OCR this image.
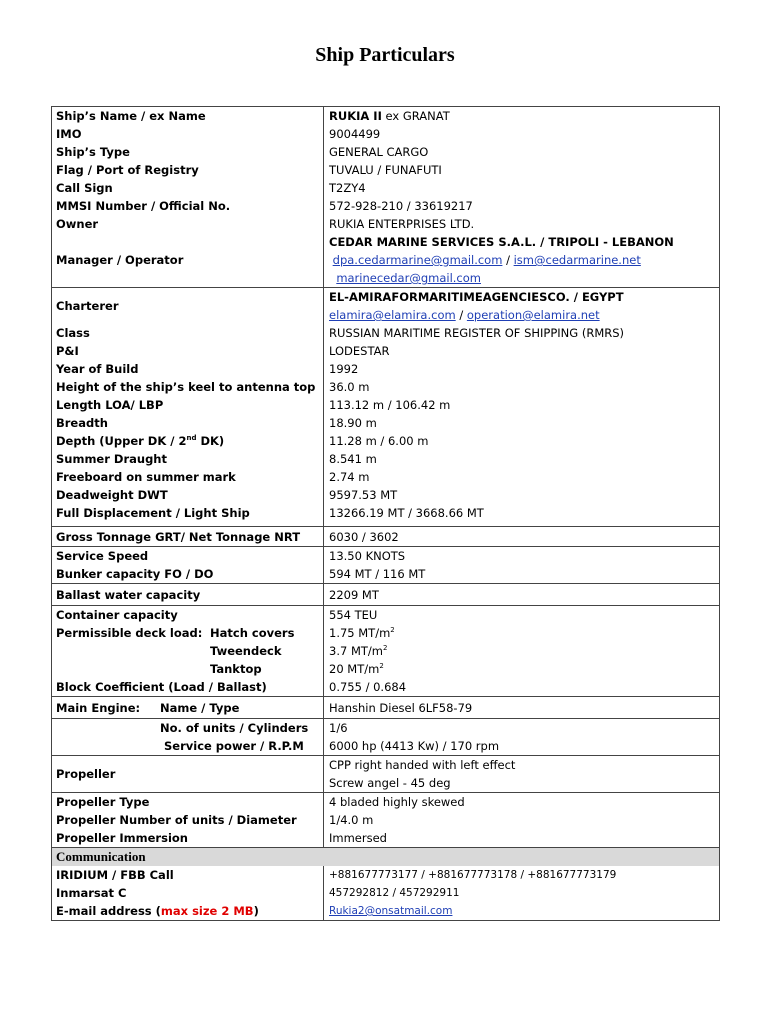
Ship Particulars
Ship’s Name / ex Name	RUKIA II ex GRANAT
IMO	9004499
Ship’s Type	GENERAL CARGO
Flag / Port of Registry	TUVALU / FUNAFUTI
Call Sign	T2ZY4
MMSI Number / Official No.	572-928-210 / 33619217
Owner	RUKIA ENTERPRISES LTD.
Manager / Operator	CEDAR MARINE SERVICES S.A.L. / TRIPOLI - LEBANON
	dpa.cedarmarine@gmail.com / ism@cedarmarine.net
	marinecedar@gmail.com
Charterer	EL-AMIRAFORMARITIMEAGENCIESCO. / EGYPT
	elamira@elamira.com / operation@elamira.net
Class	RUSSIAN MARITIME REGISTER OF SHIPPING (RMRS)
P&I	LODESTAR
Year of Build	1992
Height of the ship’s keel to antenna top	36.0 m
Length LOA/ LBP	113.12 m / 106.42 m
Breadth	18.90 m
Depth (Upper DK / 2nd DK)	11.28 m / 6.00 m
Summer Draught	8.541 m
Freeboard on summer mark	2.74 m
Deadweight DWT	9597.53 MT
Full Displacement / Light Ship	13266.19 MT / 3668.66 MT

Gross Tonnage GRT/ Net Tonnage NRT	6030 / 3602
Service Speed	13.50 KNOTS
Bunker capacity FO / DO	594 MT / 116 MT
Ballast water capacity	2209 MT
Container capacity	554 TEU
Permissible deck load: Hatch covers	1.75 $MT/m^2$
Tweendeck	3.7 $MT/m^2$
Tanktop	20 $MT/m^2$
Block Coefficient (Load / Ballast)	0.755 / 0.684
Main Engine: Name / Type	Hanshin Diesel 6LF58-79
No. of units / Cylinders	1/6
Service power / R.P.M	6000 hp (4413 Kw) / 170 rpm
Propeller	CPP right handed with left effect
	Screw angel - 45 deg
Propeller Type	4 bladed highly skewed
Propeller Number of units / Diameter	1/4.0 m
Propeller Immersion	Immersed
Communication	
IRIDIUM / FBB Call	+881677773177 / +881677773178 / +881677773179
Inmarsat C	457292812 / 457292911
E-mail address (max size 2 MB)	Rukia2@onsatmail.com
